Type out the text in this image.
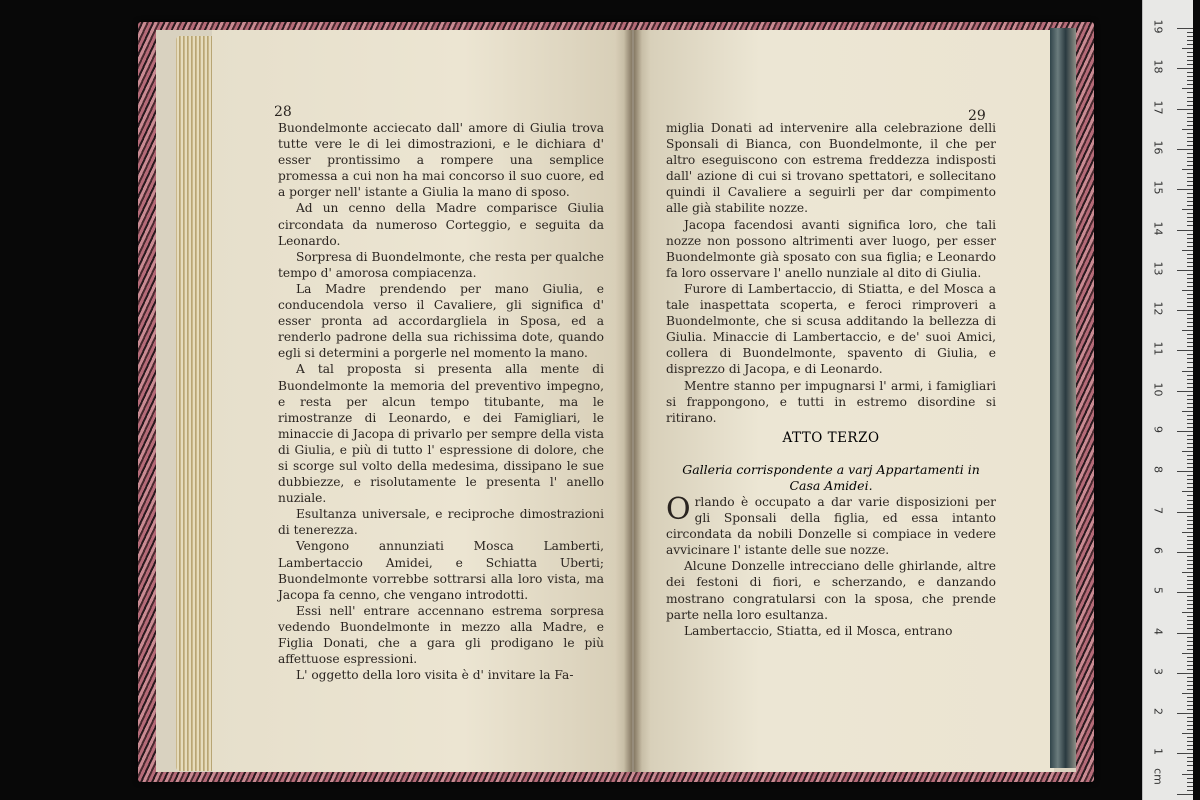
28	29

Buondelmonte acciecato dall' amore di Giulia trova tutte vere le di lei dimostrazioni, e le dichiara d' esser prontissimo a rompere una semplice promessa a cui non ha mai concorso il suo cuore, ed a porger nell' istante a Giulia la mano di sposo.

Ad un cenno della Madre comparisce Giulia circondata da numeroso Corteggio, e seguita da Leonardo.

Sorpresa di Buondelmonte, che resta per qualche tempo d' amorosa compiacenza.

La Madre prendendo per mano Giulia, e conducendola verso il Cavaliere, gli significa d' esser pronta ad accordargliela in Sposa, ed a renderlo padrone della sua richissima dote, quando egli si determini a porgerle nel momento la mano.

A tal proposta si presenta alla mente di Buondelmonte la memoria del preventivo impegno, e resta per alcun tempo titubante, ma le rimostranze di Leonardo, e dei Famigliari, le minaccie di Jacopa di privarlo per sempre della vista di Giulia, e più di tutto l' espressione di dolore, che si scorge sul volto della medesima, dissipano le sue dubbiezze, e risolutamente le presenta l' anello nuziale.

Esultanza universale, e reciproche dimostrazioni di tenerezza.

Vengono annunziati Mosca Lamberti, Lambertaccio Amidei, e Schiatta Uberti; Buondelmonte vorrebbe sottrarsi alla loro vista, ma Jacopa fa cenno, che vengano introdotti.

Essi nell' entrare accennano estrema sorpresa vedendo Buondelmonte in mezzo alla Madre, e Figlia Donati, che a gara gli prodigano le più affettuose espressioni.

L' oggetto della loro visita è d' invitare la Fa-

miglia Donati ad intervenire alla celebrazione delli Sponsali di Bianca, con Buondelmonte, il che per altro eseguiscono con estrema freddezza indisposti dall' azione di cui si trovano spettatori, e sollecitano quindi il Cavaliere a seguirli per dar compimento alle già stabilite nozze.

Jacopa facendosi avanti significa loro, che tali nozze non possono altrimenti aver luogo, per esser Buondelmonte già sposato con sua figlia; e Leonardo fa loro osservare l' anello nunziale al dito di Giulia.

Furore di Lambertaccio, di Stiatta, e del Mosca a tale inaspettata scoperta, e feroci rimproveri a Buondelmonte, che si scusa additando la bellezza di Giulia. Minaccie di Lambertaccio, e de' suoi Amici, collera di Buondelmonte, spavento di Giulia, e disprezzo di Jacopa, e di Leonardo.

Mentre stanno per impugnarsi l' armi, i famigliari si frappongono, e tutti in estremo disordine si ritirano.

ATTO TERZO
Galleria corrispondente a varj Appartamenti in Casa Amidei.

Orlando è occupato a dar varie disposizioni per gli Sponsali della figlia, ed essa intanto circondata da nobili Donzelle si compiace in vedere avvicinare l' istante delle sue nozze.

Alcune Donzelle intrecciano delle ghirlande, altre dei festoni di fiori, e scherzando, e danzando mostrano congratularsi con la sposa, che prende parte nella loro esultanza.

Lambertaccio, Stiatta, ed il Mosca, entrano

cm
19
18
17
16
15
14
13
12
11
10
9
8
7
6
5
4
3
2
1
